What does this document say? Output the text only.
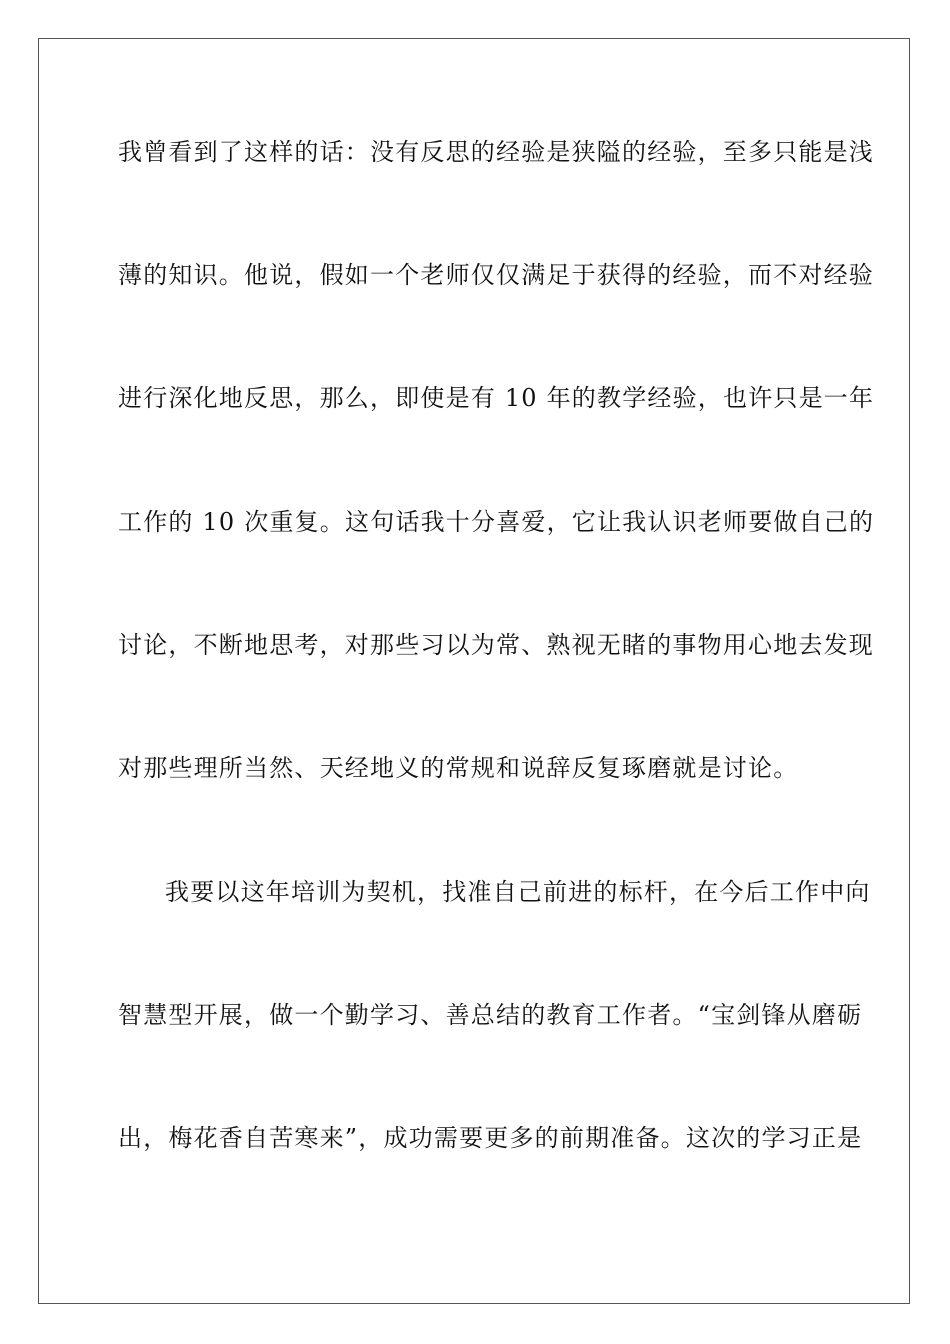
我曾看到了这样的话：没有反思的经验是狭隘的经验，至多只能是浅
薄的知识。他说，假如一个老师仅仅满足于获得的经验，而不对经验
进行深化地反思，那么，即使是有 10 年的教学经验，也许只是一年
工作的 10 次重复。这句话我十分喜爱，它让我认识老师要做自己的
讨论，不断地思考，对那些习以为常、熟视无睹的事物用心地去发现
对那些理所当然、天经地义的常规和说辞反复琢磨就是讨论。
我要以这年培训为契机，找准自己前进的标杆，在今后工作中向
智慧型开展，做一个勤学习、善总结的教育工作者。“宝剑锋从磨砺
出，梅花香自苦寒来”，成功需要更多的前期准备。这次的学习正是
